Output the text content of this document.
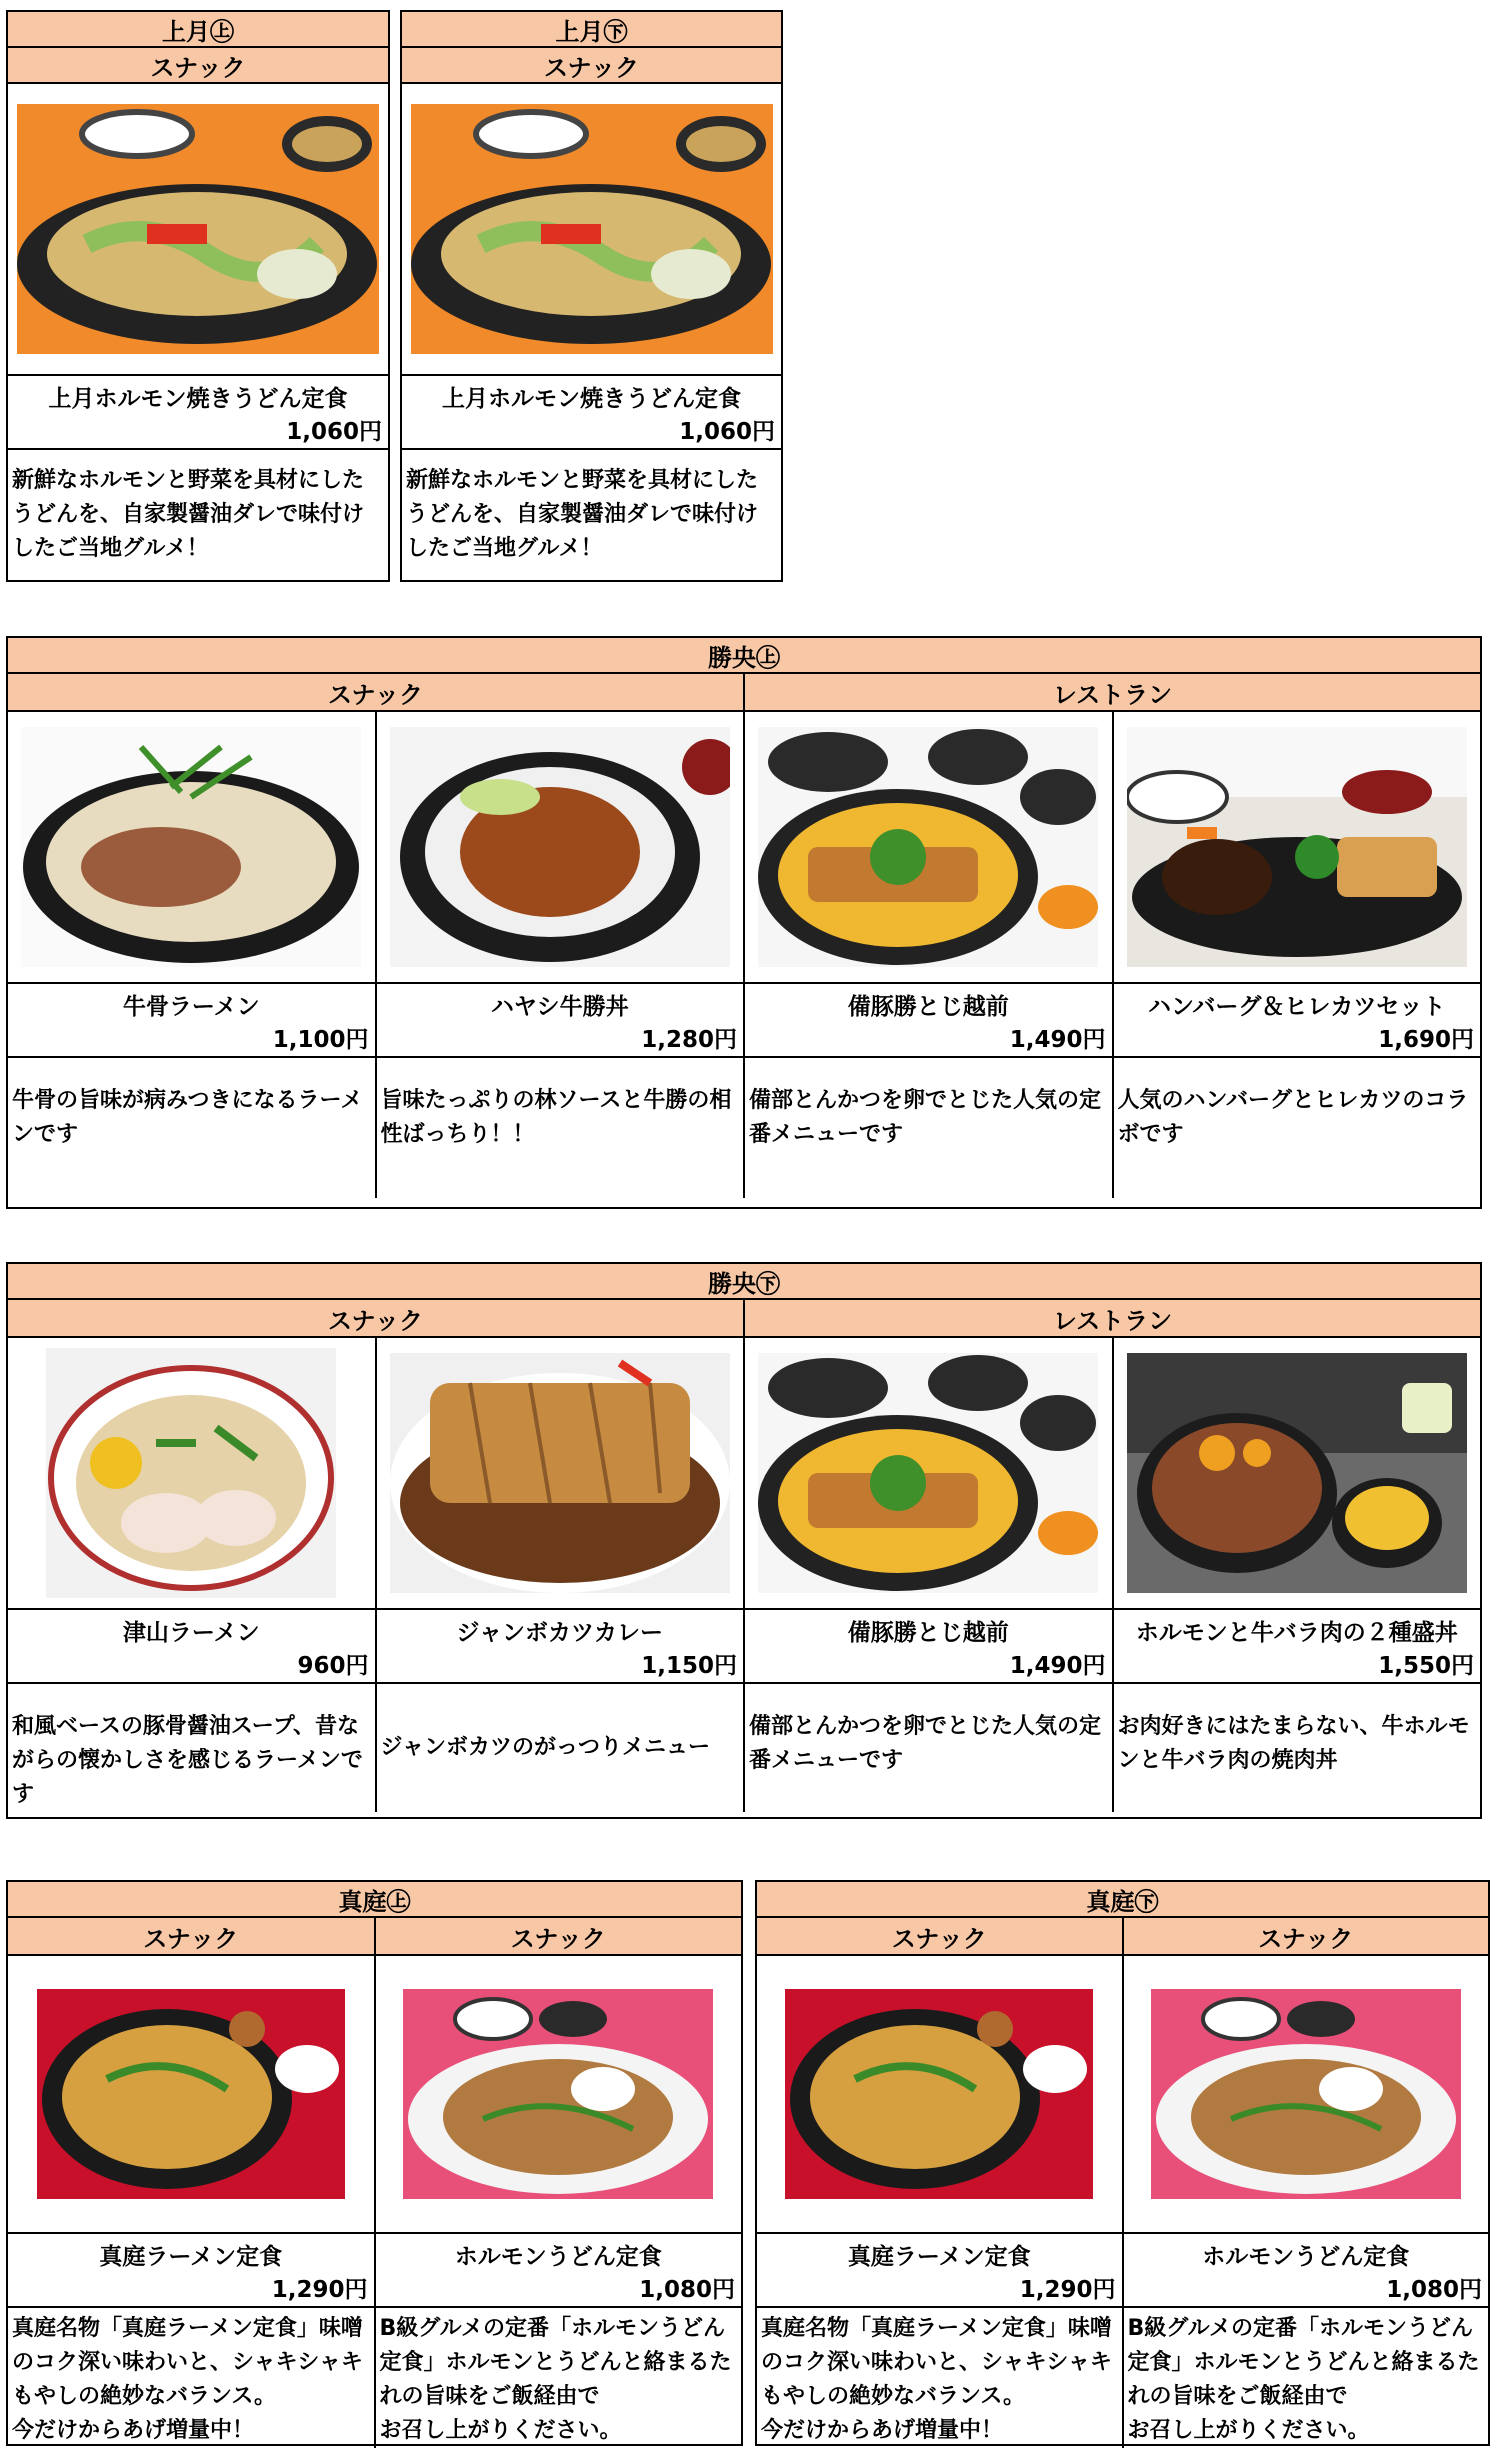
上月㊤
スナック
上月ホルモン焼きうどん定食
1,060円
新鮮なホルモンと野菜を具材にしたうどんを、自家製醤油ダレで味付けしたご当地グルメ！
上月㊦
スナック
上月ホルモン焼きうどん定食
1,060円
新鮮なホルモンと野菜を具材にしたうどんを、自家製醤油ダレで味付けしたご当地グルメ！
勝央㊤
スナック	レストラン
牛骨ラーメン
1,100円
牛骨の旨味が病みつきになるラーメンです
ハヤシ牛勝丼
1,280円
旨味たっぷりの林ソースと牛勝の相性ばっちり！！
備豚勝とじ越前
1,490円
備部とんかつを卵でとじた人気の定番メニューです
ハンバーグ＆ヒレカツセット
1,690円
人気のハンバーグとヒレカツのコラボです
勝央㊦
スナック	レストラン
津山ラーメン
960円
和風ベースの豚骨醤油スープ、昔ながらの懐かしさを感じるラーメンです
ジャンボカツカレー
1,150円
ジャンボカツのがっつりメニュー
備豚勝とじ越前
1,490円
備部とんかつを卵でとじた人気の定番メニューです
ホルモンと牛バラ肉の２種盛丼
1,550円
お肉好きにはたまらない、牛ホルモンと牛バラ肉の焼肉丼
真庭㊤
スナック	スナック
真庭ラーメン定食
1,290円
真庭名物「真庭ラーメン定食」味噌のコク深い味わいと、シャキシャキもやしの絶妙なバランス。
今だけからあげ増量中！
ホルモンうどん定食
1,080円
B級グルメの定番「ホルモンうどん定食」ホルモンとうどんと絡まるたれの旨味をご飯経由で
お召し上がりください。
真庭㊦
スナック	スナック
真庭ラーメン定食
1,290円
真庭名物「真庭ラーメン定食」味噌のコク深い味わいと、シャキシャキもやしの絶妙なバランス。
今だけからあげ増量中！
ホルモンうどん定食
1,080円
B級グルメの定番「ホルモンうどん定食」ホルモンとうどんと絡まるたれの旨味をご飯経由で
お召し上がりください。
